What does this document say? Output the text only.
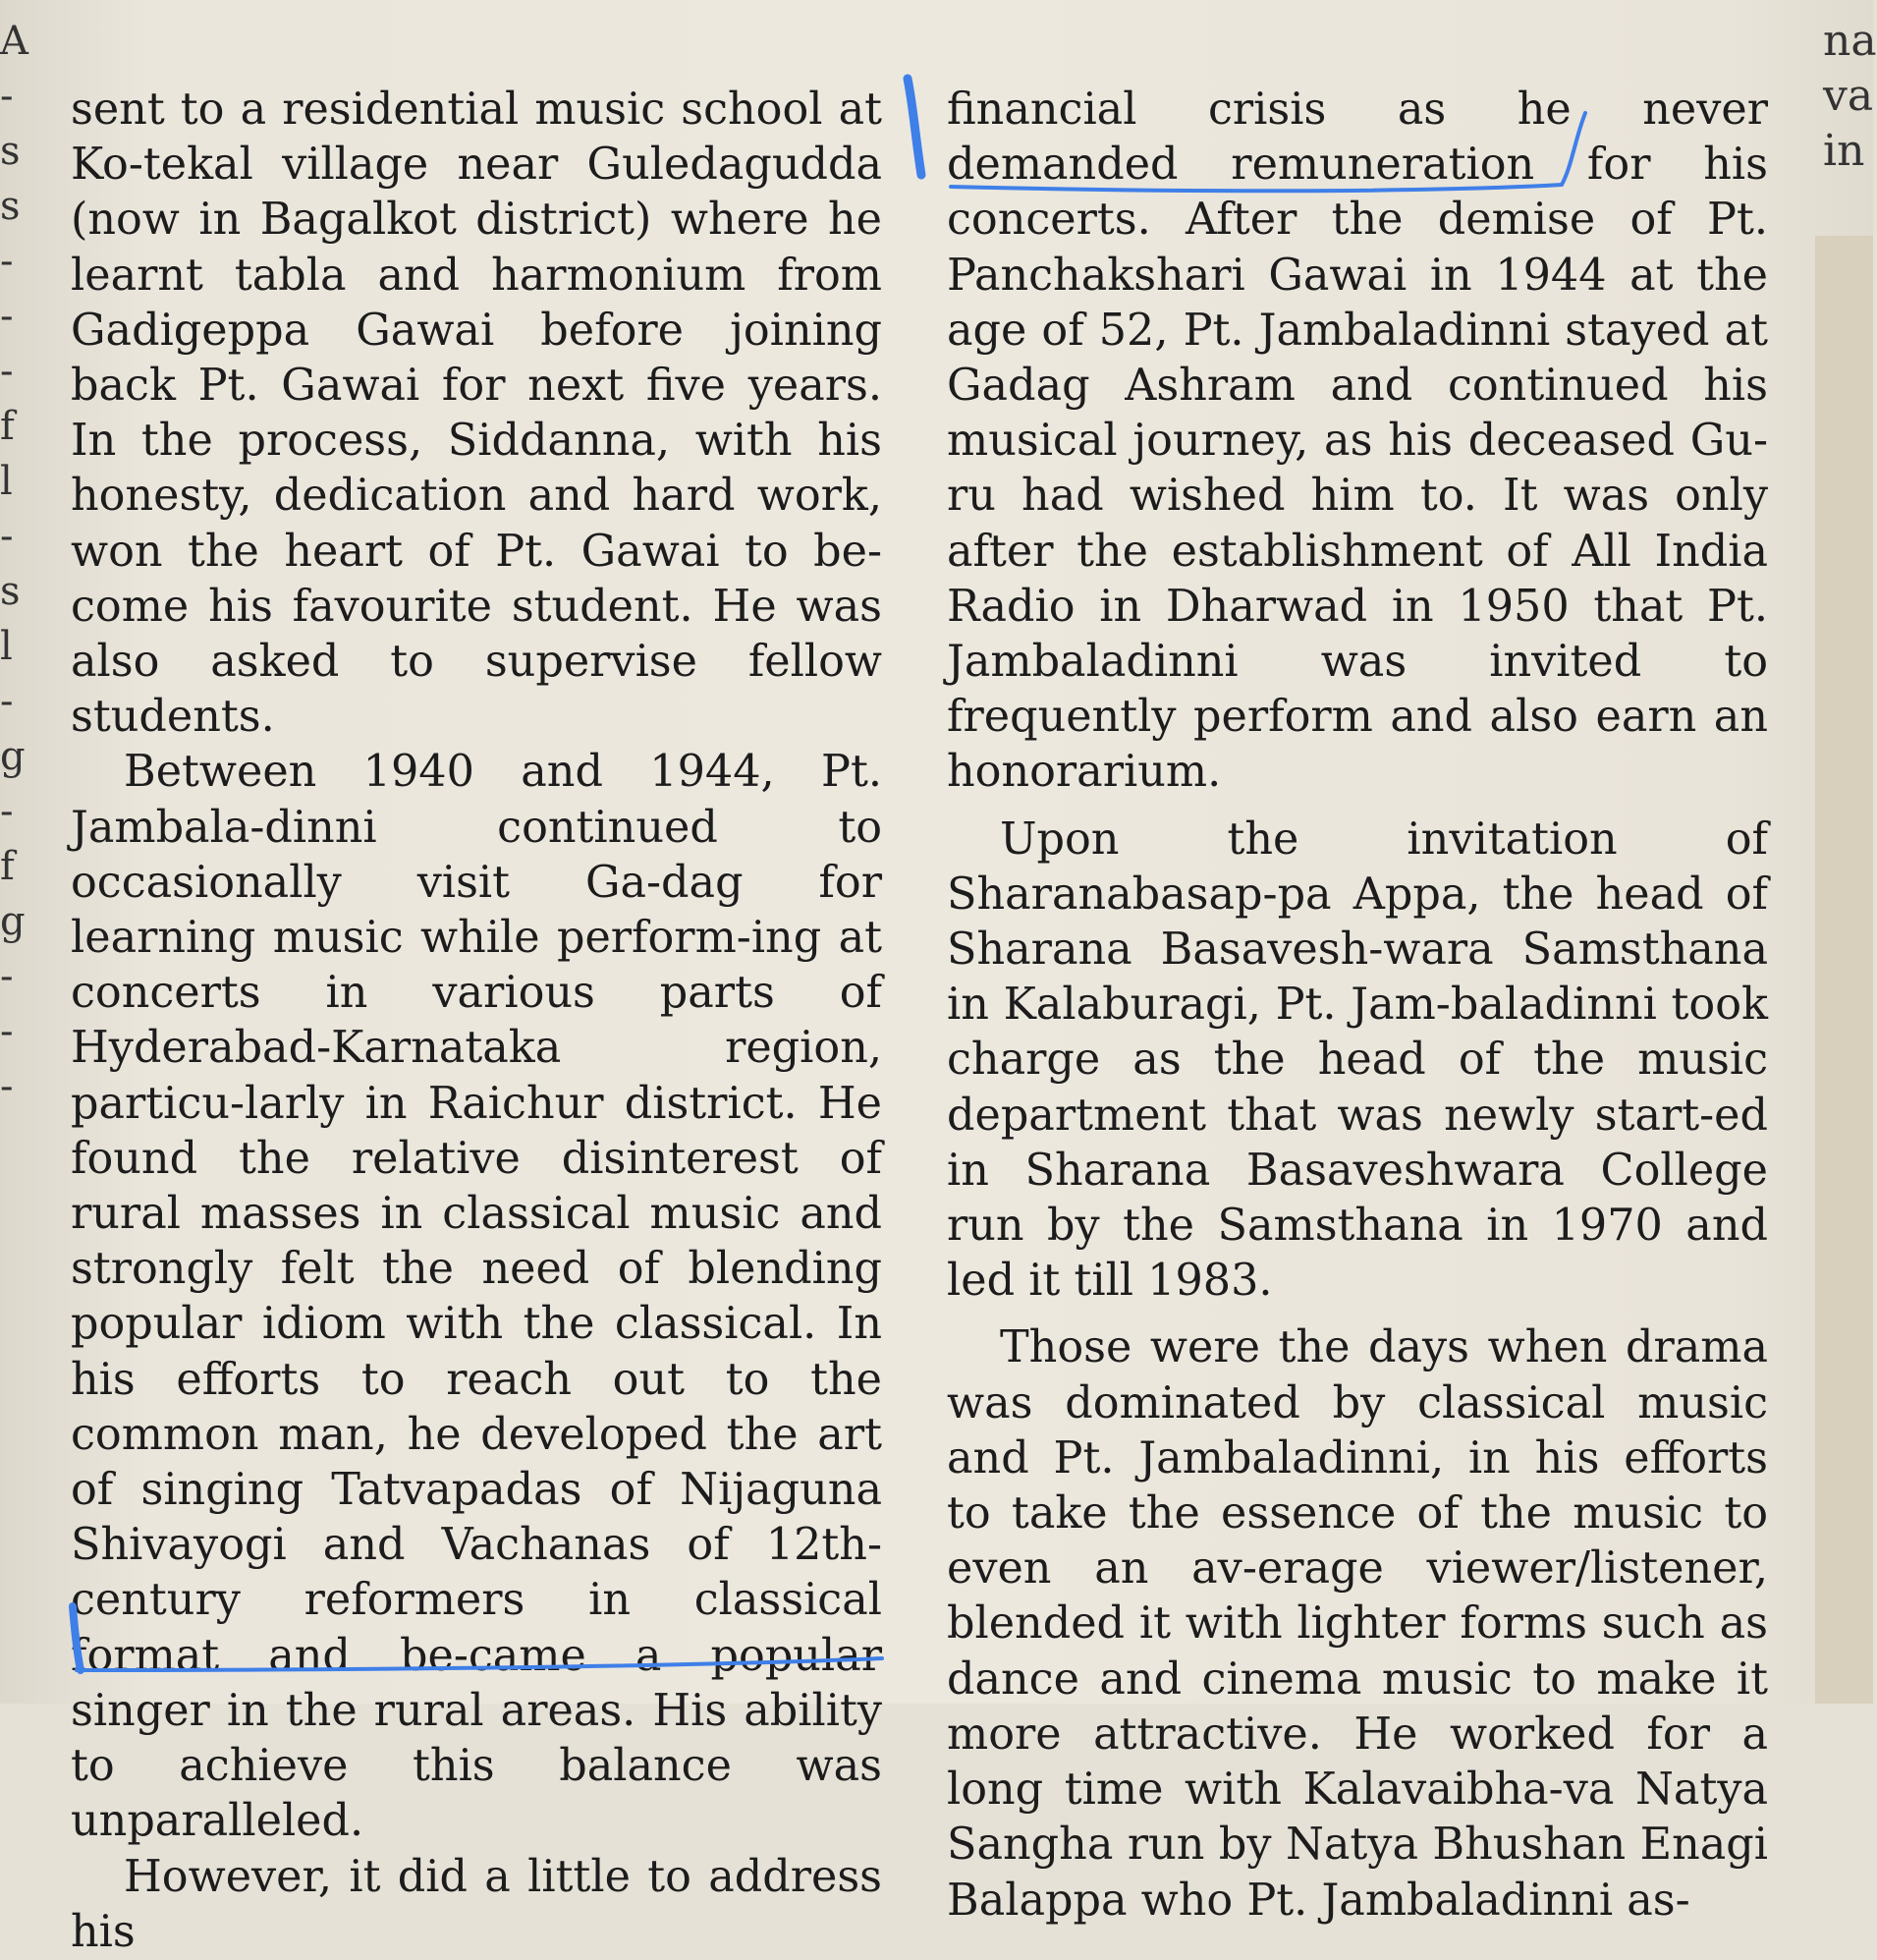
A
-
s
s
-
-
-
f
l
-
s
l
-
g
-
f
g
-
-
-
na
va
in

sent to a residential music school at Ko-tekal village near Guledagudda (now in Bagalkot district) where he learnt tabla and harmonium from Gadigeppa Gawai before joining back Pt. Gawai for next five years. In the process, Siddanna, with his honesty, dedication and hard work, won the heart of Pt. Gawai to be-come his favourite student. He was also asked to supervise fellow students.

Between 1940 and 1944, Pt. Jambala-dinni continued to occasionally visit Ga-dag for learning music while perform-ing at concerts in various parts of Hyderabad-Karnataka region, particu-larly in Raichur district. He found the relative disinterest of rural masses in classical music and strongly felt the need of blending popular idiom with the classical. In his efforts to reach out to the common man, he developed the art of singing Tatvapadas of Nijaguna Shivayogi and Vachanas of 12th-century reformers in classical format and be-came a popular singer in the rural areas. His ability to achieve this balance was unparalleled.

However, it did a little to address his

financial crisis as he never demanded remuneration for his concerts. After the demise of Pt. Panchakshari Gawai in 1944 at the age of 52, Pt. Jambaladinni stayed at Gadag Ashram and continued his musical journey, as his deceased Gu-ru had wished him to. It was only after the establishment of All India Radio in Dharwad in 1950 that Pt. Jambaladinni was invited to frequently perform and also earn an honorarium.

Upon the invitation of Sharanabasap-pa Appa, the head of Sharana Basavesh-wara Samsthana in Kalaburagi, Pt. Jam-baladinni took charge as the head of the music department that was newly start-ed in Sharana Basaveshwara College run by the Samsthana in 1970 and led it till 1983.

Those were the days when drama was dominated by classical music and Pt. Jambaladinni, in his efforts to take the essence of the music to even an av-erage viewer/listener, blended it with lighter forms such as dance and cinema music to make it more attractive. He worked for a long time with Kalavaibha-va Natya Sangha run by Natya Bhushan Enagi Balappa who Pt. Jambaladinni as-
